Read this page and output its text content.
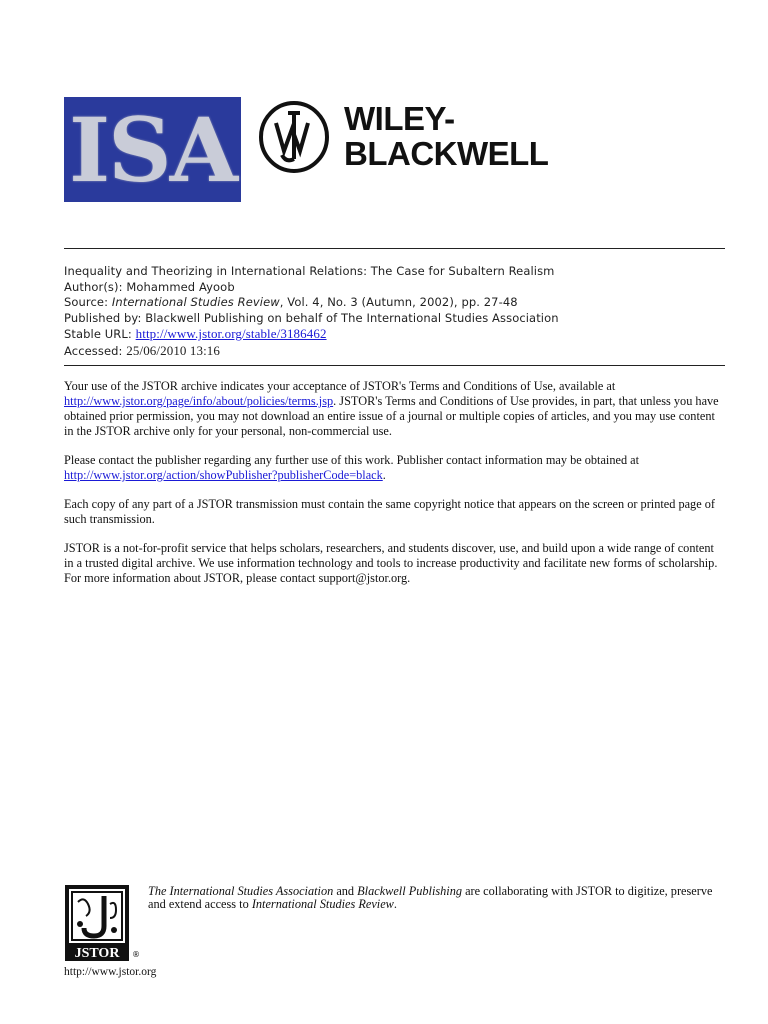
ISA	WILEY-
BLACKWELL
Inequality and Theorizing in International Relations: The Case for Subaltern Realism
Author(s): Mohammed Ayoob
Source: International Studies Review, Vol. 4, No. 3 (Autumn, 2002), pp. 27-48
Published by: Blackwell Publishing on behalf of The International Studies Association
Stable URL: http://www.jstor.org/stable/3186462
Accessed: 25/06/2010 13:16

Your use of the JSTOR archive indicates your acceptance of JSTOR's Terms and Conditions of Use, available at http://www.jstor.org/page/info/about/policies/terms.jsp. JSTOR's Terms and Conditions of Use provides, in part, that unless you have obtained prior permission, you may not download an entire issue of a journal or multiple copies of articles, and you may use content in the JSTOR archive only for your personal, non-commercial use.

Please contact the publisher regarding any further use of this work. Publisher contact information may be obtained at http://www.jstor.org/action/showPublisher?publisherCode=black.

Each copy of any part of a JSTOR transmission must contain the same copyright notice that appears on the screen or printed page of such transmission.

JSTOR is a not-for-profit service that helps scholars, researchers, and students discover, use, and build upon a wide range of content in a trusted digital archive. We use information technology and tools to increase productivity and facilitate new forms of scholarship. For more information about JSTOR, please contact support@jstor.org.

JSTOR ®
The International Studies Association and Blackwell Publishing are collaborating with JSTOR to digitize, preserve and extend access to International Studies Review.
http://www.jstor.org
